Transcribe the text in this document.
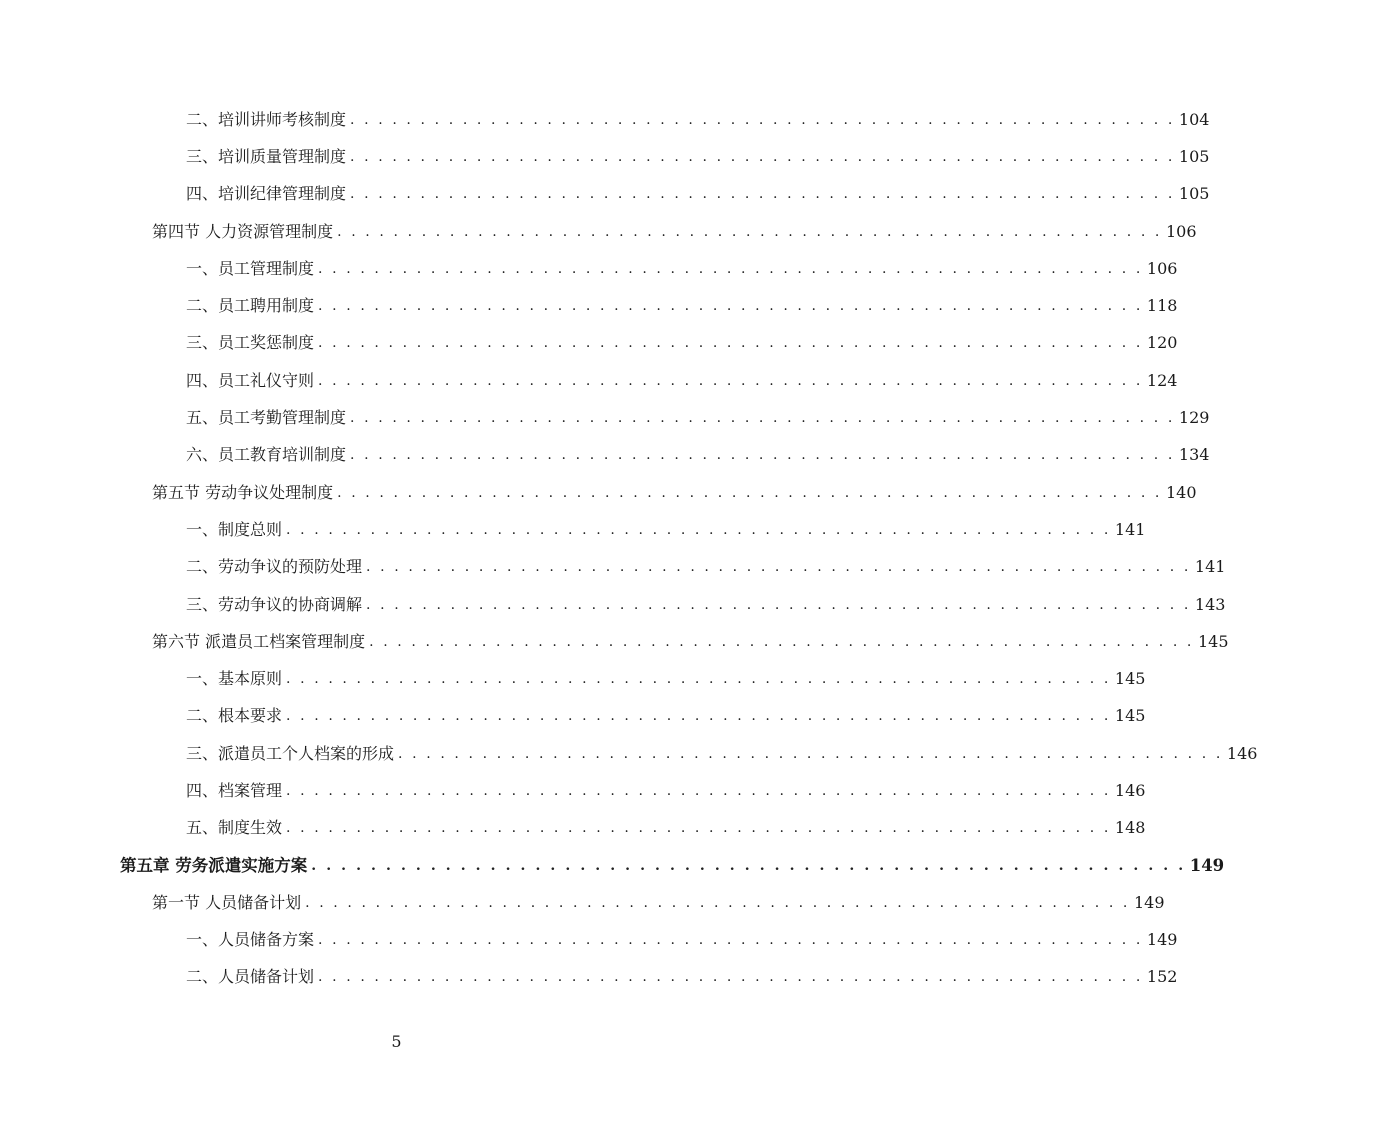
二、培训讲师考核制度 . . . . . . . . . . . . . . . . . . . . . . . . . . . . . . . . . . . . . . . . . . . . . . . . . . . . . . . . . . . 104
三、培训质量管理制度 . . . . . . . . . . . . . . . . . . . . . . . . . . . . . . . . . . . . . . . . . . . . . . . . . . . . . . . . . . . 105
四、培训纪律管理制度 . . . . . . . . . . . . . . . . . . . . . . . . . . . . . . . . . . . . . . . . . . . . . . . . . . . . . . . . . . . 105
第四节 人力资源管理制度 . . . . . . . . . . . . . . . . . . . . . . . . . . . . . . . . . . . . . . . . . . . . . . . . . . . . . . . . . . . 106
一、员工管理制度 . . . . . . . . . . . . . . . . . . . . . . . . . . . . . . . . . . . . . . . . . . . . . . . . . . . . . . . . . . . 106
二、员工聘用制度 . . . . . . . . . . . . . . . . . . . . . . . . . . . . . . . . . . . . . . . . . . . . . . . . . . . . . . . . . . . 118
三、员工奖惩制度 . . . . . . . . . . . . . . . . . . . . . . . . . . . . . . . . . . . . . . . . . . . . . . . . . . . . . . . . . . . 120
四、员工礼仪守则 . . . . . . . . . . . . . . . . . . . . . . . . . . . . . . . . . . . . . . . . . . . . . . . . . . . . . . . . . . . 124
五、员工考勤管理制度 . . . . . . . . . . . . . . . . . . . . . . . . . . . . . . . . . . . . . . . . . . . . . . . . . . . . . . . . . . . 129
六、员工教育培训制度 . . . . . . . . . . . . . . . . . . . . . . . . . . . . . . . . . . . . . . . . . . . . . . . . . . . . . . . . . . . 134
第五节 劳动争议处理制度 . . . . . . . . . . . . . . . . . . . . . . . . . . . . . . . . . . . . . . . . . . . . . . . . . . . . . . . . . . . 140
一、制度总则 . . . . . . . . . . . . . . . . . . . . . . . . . . . . . . . . . . . . . . . . . . . . . . . . . . . . . . . . . . . 141
二、劳动争议的预防处理 . . . . . . . . . . . . . . . . . . . . . . . . . . . . . . . . . . . . . . . . . . . . . . . . . . . . . . . . . . . 141
三、劳动争议的协商调解 . . . . . . . . . . . . . . . . . . . . . . . . . . . . . . . . . . . . . . . . . . . . . . . . . . . . . . . . . . . 143
第六节 派遣员工档案管理制度 . . . . . . . . . . . . . . . . . . . . . . . . . . . . . . . . . . . . . . . . . . . . . . . . . . . . . . . . . . . 145
一、基本原则 . . . . . . . . . . . . . . . . . . . . . . . . . . . . . . . . . . . . . . . . . . . . . . . . . . . . . . . . . . . 145
二、根本要求 . . . . . . . . . . . . . . . . . . . . . . . . . . . . . . . . . . . . . . . . . . . . . . . . . . . . . . . . . . . 145
三、派遣员工个人档案的形成 . . . . . . . . . . . . . . . . . . . . . . . . . . . . . . . . . . . . . . . . . . . . . . . . . . . . . . . . . . . 146
四、档案管理 . . . . . . . . . . . . . . . . . . . . . . . . . . . . . . . . . . . . . . . . . . . . . . . . . . . . . . . . . . . 146
五、制度生效 . . . . . . . . . . . . . . . . . . . . . . . . . . . . . . . . . . . . . . . . . . . . . . . . . . . . . . . . . . . 148
第五章 劳务派遣实施方案 . . . . . . . . . . . . . . . . . . . . . . . . . . . . . . . . . . . . . . . . . . . . . . . . . . . . . . . . . . . 149
第一节 人员储备计划 . . . . . . . . . . . . . . . . . . . . . . . . . . . . . . . . . . . . . . . . . . . . . . . . . . . . . . . . . . . 149
一、人员储备方案 . . . . . . . . . . . . . . . . . . . . . . . . . . . . . . . . . . . . . . . . . . . . . . . . . . . . . . . . . . . 149
二、人员储备计划 . . . . . . . . . . . . . . . . . . . . . . . . . . . . . . . . . . . . . . . . . . . . . . . . . . . . . . . . . . . 152
5
